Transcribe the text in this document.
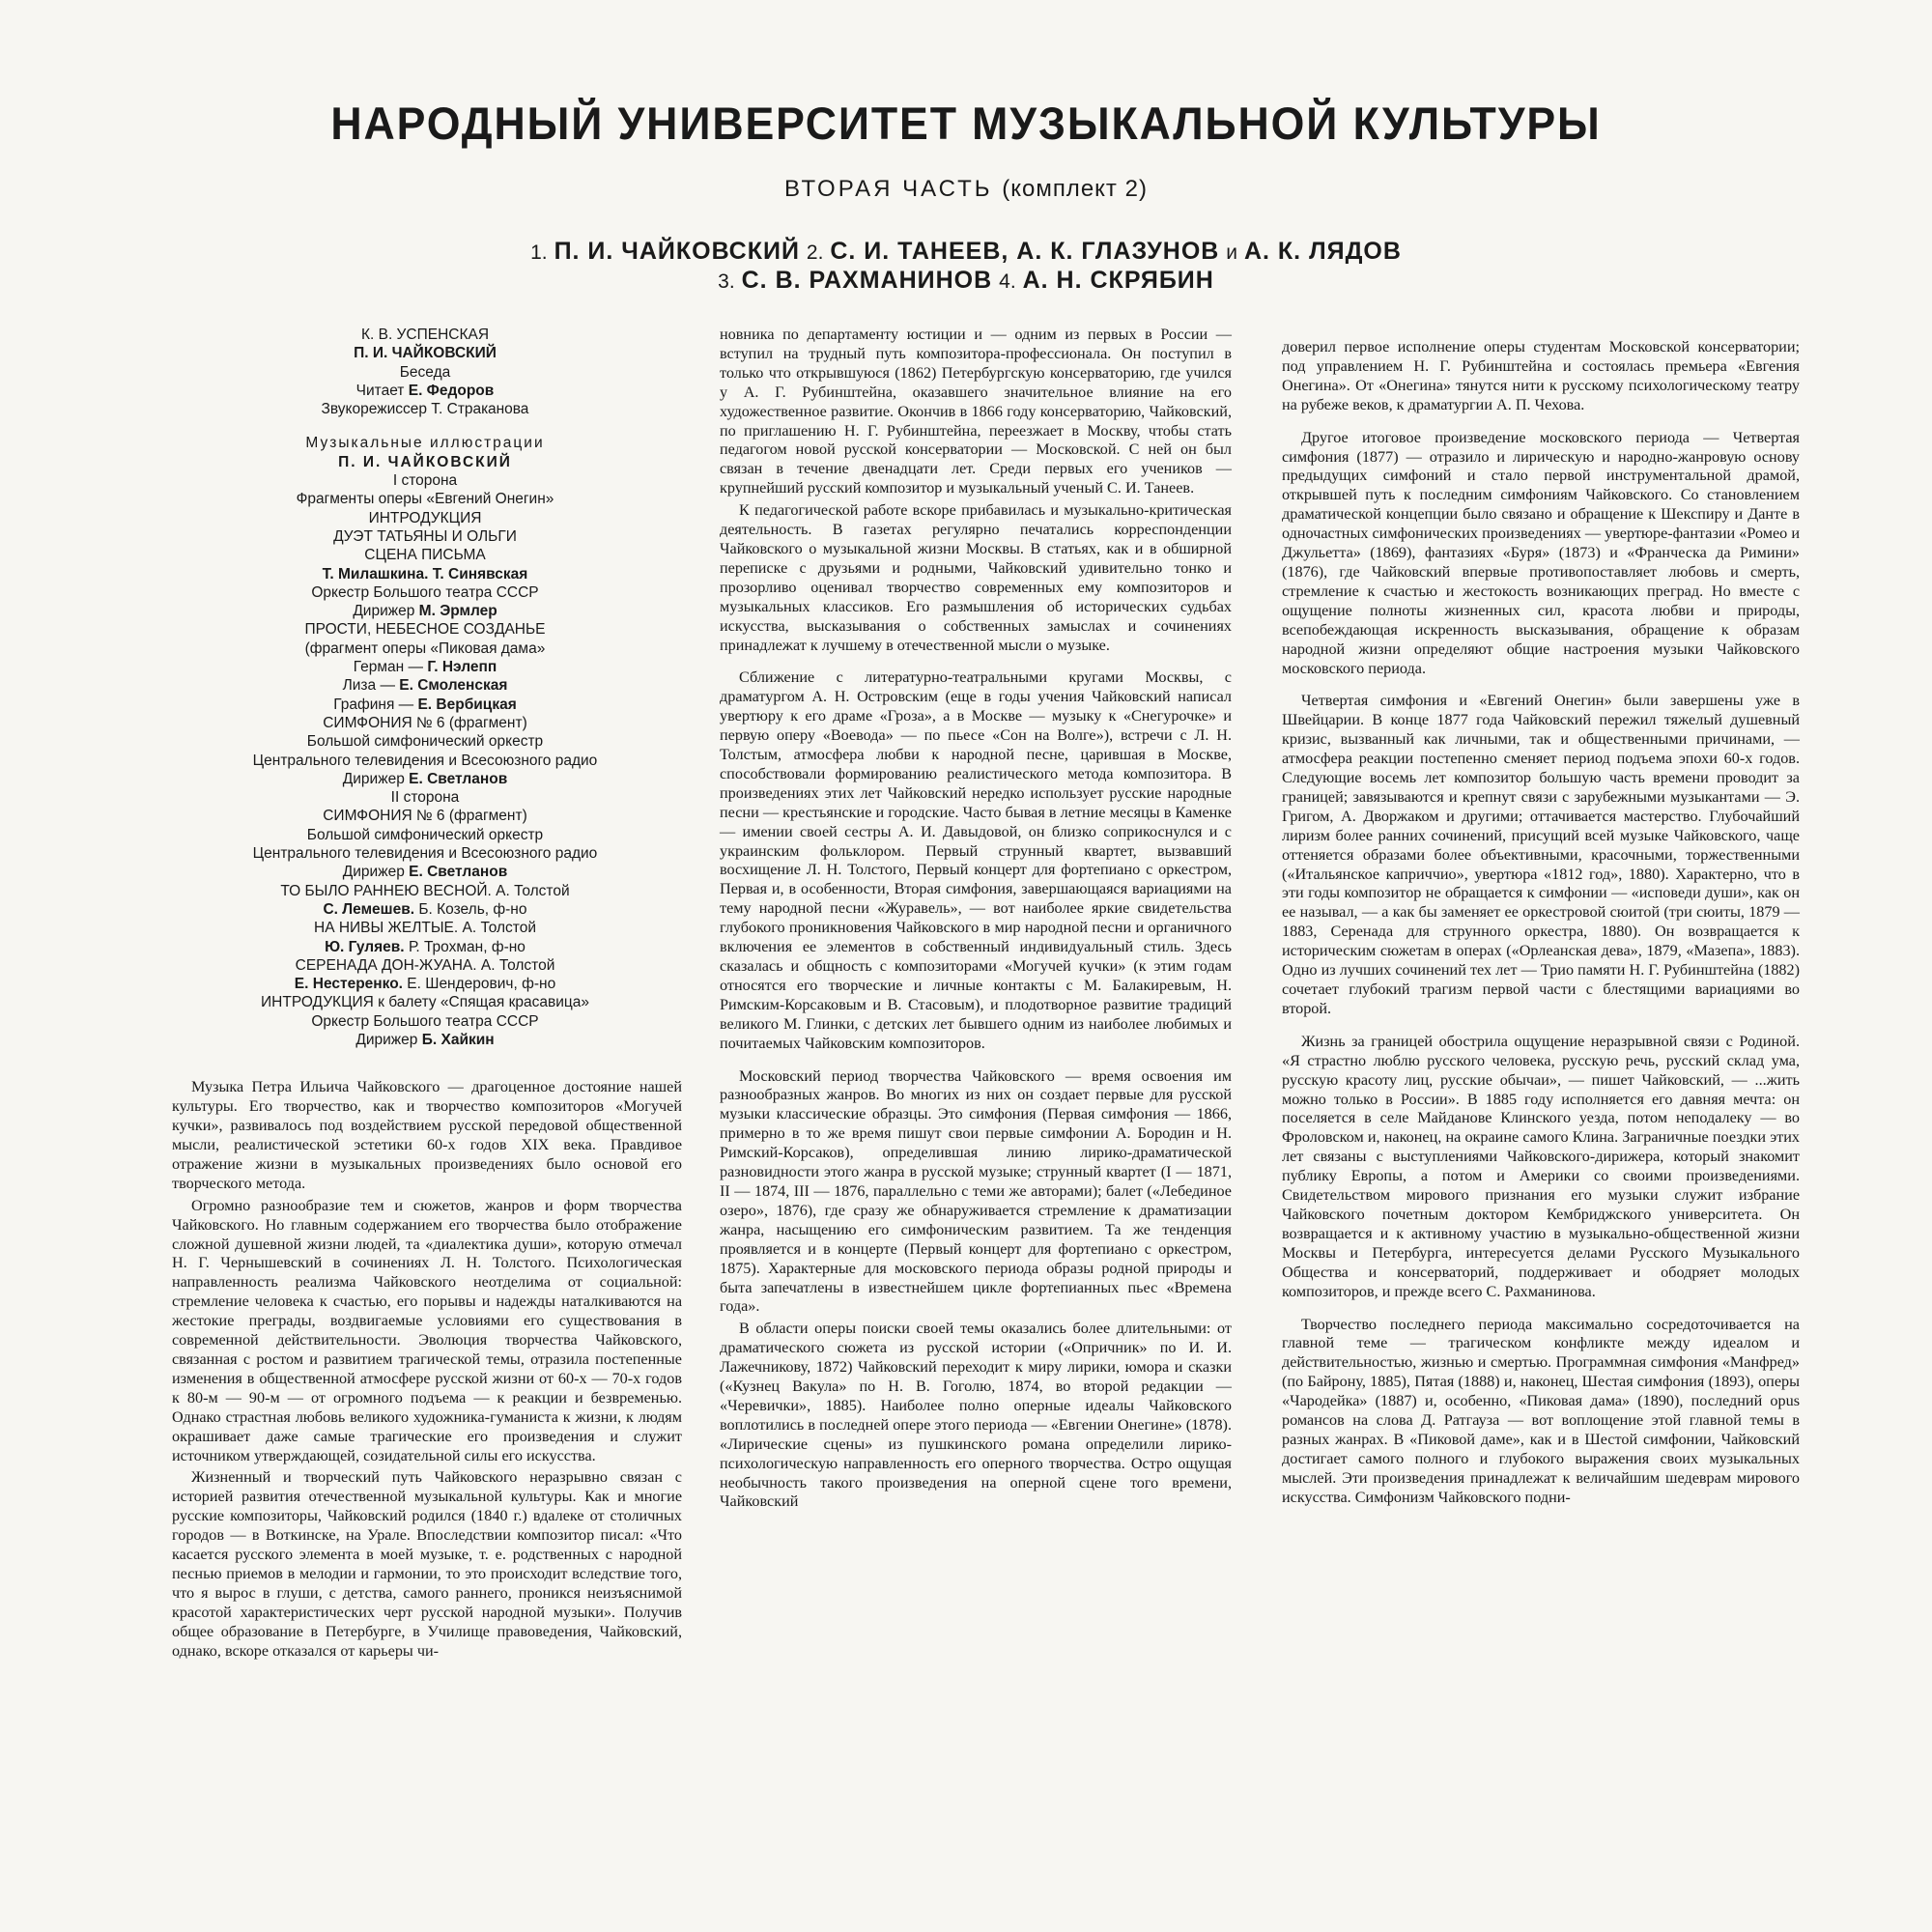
НАРОДНЫЙ УНИВЕРСИТЕТ МУЗЫКАЛЬНОЙ КУЛЬТУРЫ
ВТОРАЯ ЧАСТЬ (комплект 2)
1. П. И. ЧАЙКОВСКИЙ 2. С. И. ТАНЕЕВ, А. К. ГЛАЗУНОВ и А. К. ЛЯДОВ
3. С. В. РАХМАНИНОВ 4. А. Н. СКРЯБИН
К. В. УСПЕНСКАЯ
П. И. ЧАЙКОВСКИЙ
Беседа
Читает Е. Федоров
Звукорежиссер Т. Стракaнова
Музыкальные иллюстрации
П. И. ЧАЙКОВСКИЙ
I сторона
Фрагменты оперы «Евгений Онегин»
ИНТРОДУКЦИЯ
ДУЭТ ТАТЬЯНЫ И ОЛЬГИ
СЦЕНА ПИСЬМА
Т. Милашкина. Т. Синявская
Оркестр Большого театра СССР
Дирижер М. Эрмлер
ПРОСТИ, НЕБЕСНОЕ СОЗДАНЬЕ
(фрагмент оперы «Пиковая дама»
Герман — Г. Нэлепп
Лиза — Е. Смоленская
Графиня — Е. Вербицкая
СИМФОНИЯ № 6 (фрагмент)
Большой симфонический оркестр
Центрального телевидения и Всесоюзного радио
Дирижер Е. Светланов
II сторона
СИМФОНИЯ № 6 (фрагмент)
Большой симфонический оркестр
Центрального телевидения и Всесоюзного радио
Дирижер Е. Светланов
ТО БЫЛО РАННЕЮ ВЕСНОЙ. А. Толстой
С. Лемешев. Б. Козель, ф-но
НА НИВЫ ЖЕЛТЫЕ. А. Толстой
Ю. Гуляев. Р. Трохман, ф-но
СЕРЕНАДА ДОН-ЖУАНА. А. Толстой
Е. Нестеренко. Е. Шендерович, ф-но
ИНТРОДУКЦИЯ к балету «Спящая красавица»
Оркестр Большого театра СССР
Дирижер Б. Хайкин

Музыка Петра Ильича Чайковского — драгоценное достояние нашей культуры. Его творчество, как и творчество композиторов «Могучей кучки», развивалось под воздействием русской передовой общественной мысли, реалистической эстетики 60-х годов XIX века. Правдивое отражение жизни в музыкальных произведениях было основой его творческого метода.

Огромно разнообразие тем и сюжетов, жанров и форм творчества Чайковского. Но главным содержанием его творчества было отображение сложной душевной жизни людей, та «диалектика души», которую отмечал Н. Г. Чернышевский в сочинениях Л. Н. Толстого. Психологическая направленность реализма Чайковского неотделима от социальной: стремление человека к счастью, его порывы и надежды наталкиваются на жестокие преграды, воздвигаемые условиями его существования в современной действительности. Эволюция творчества Чайковского, связанная с ростом и развитием трагической темы, отразила постепенные изменения в общественной атмосфере русской жизни от 60-х — 70-х годов к 80-м — 90-м — от огромного подъема — к реакции и безвременью. Однако страстная любовь великого художника-гуманиста к жизни, к людям окрашивает даже самые трагические его произведения и служит источником утверждающей, созидательной силы его искусства.

Жизненный и творческий путь Чайковского неразрывно связан с историей развития отечественной музыкальной культуры. Как и многие русские композиторы, Чайковский родился (1840 г.) вдалеке от столичных городов — в Воткинске, на Урале. Впоследствии композитор писал: «Что касается русского элемента в моей музыке, т. е. родственных с народной песнью приемов в мелодии и гармонии, то это происходит вследствие того, что я вырос в глуши, с детства, самого раннего, проникся неизъяснимой красотой характеристических черт русской народной музыки». Получив общее образование в Петербурге, в Училище правоведения, Чайковский, однако, вскоре отказался от карьеры чи-

новника по департаменту юстиции и — одним из первых в России — вступил на трудный путь композитора-профессионала. Он поступил в только что открывшуюся (1862) Петербургскую консерваторию, где учился у А. Г. Рубинштейна, оказавшего значительное влияние на его художественное развитие. Окончив в 1866 году консерваторию, Чайковский, по приглашению Н. Г. Рубинштейна, переезжает в Москву, чтобы стать педагогом новой русской консерватории — Московской. С ней он был связан в течение двенадцати лет. Среди первых его учеников — крупнейший русский композитор и музыкальный ученый С. И. Танеев.

К педагогической работе вскоре прибавилась и музыкально-критическая деятельность. В газетах регулярно печатались корреспонденции Чайковского о музыкальной жизни Москвы. В статьях, как и в обширной переписке с друзьями и родными, Чайковский удивительно тонко и прозорливо оценивал творчество современных ему композиторов и музыкальных классиков. Его размышления об исторических судьбах искусства, высказывания о собственных замыслах и сочинениях принадлежат к лучшему в отечественной мысли о музыке.

Сближение с литературно-театральными кругами Москвы, с драматургом А. Н. Островским (еще в годы учения Чайковский написал увертюру к его драме «Гроза», а в Москве — музыку к «Снегурочке» и первую оперу «Воевода» — по пьесе «Сон на Волге»), встречи с Л. Н. Толстым, атмосфера любви к народной песне, царившая в Москве, способствовали формированию реалистического метода композитора. В произведениях этих лет Чайковский нередко использует русские народные песни — крестьянские и городские. Часто бывая в летние месяцы в Каменке — имении своей сестры А. И. Давыдовой, он близко соприкоснулся и с украинским фольклором. Первый струнный квартет, вызвавший восхищение Л. Н. Толстого, Первый концерт для фортепиано с оркестром, Первая и, в особенности, Вторая симфония, завершающаяся вариациями на тему народной песни «Журавель», — вот наиболее яркие свидетельства глубокого проникновения Чайковского в мир народной песни и органичного включения ее элементов в собственный индивидуальный стиль. Здесь сказалась и общность с композиторами «Могучей кучки» (к этим годам относятся его творческие и личные контакты с М. Балакиревым, Н. Римским-Корсаковым и В. Стасовым), и плодотворное развитие традиций великого М. Глинки, с детских лет бывшего одним из наиболее любимых и почитаемых Чайковским композиторов.

Московский период творчества Чайковского — время освоения им разнообразных жанров. Во многих из них он создает первые для русской музыки классические образцы. Это симфония (Первая симфония — 1866, примерно в то же время пишут свои первые симфонии А. Бородин и Н. Римский-Корсаков), определившая линию лирико-драматической разновидности этого жанра в русской музыке; струнный квартет (I — 1871, II — 1874, III — 1876, параллельно с теми же авторами); балет («Лебединое озеро», 1876), где сразу же обнаруживается стремление к драматизации жанра, насыщению его симфоническим развитием. Та же тенденция проявляется и в концерте (Первый концерт для фортепиано с оркестром, 1875). Характерные для московского периода образы родной природы и быта запечатлены в известнейшем цикле фортепианных пьес «Времена года».

В области оперы поиски своей темы оказались более длительными: от драматического сюжета из русской истории («Опричник» по И. И. Лажечникову, 1872) Чайковский переходит к миру лирики, юмора и сказки («Кузнец Вакула» по Н. В. Гоголю, 1874, во второй редакции — «Черевички», 1885). Наиболее полно оперные идеалы Чайковского воплотились в последней опере этого периода — «Евгении Онегине» (1878). «Лирические сцены» из пушкинского романа определили лирико-психологическую направленность его оперного творчества. Остро ощущая необычность такого произведения на оперной сцене того времени, Чайковский

доверил первое исполнение оперы студентам Московской консерватории; под управлением Н. Г. Рубинштейна и состоялась премьера «Евгения Онегина». От «Онегина» тянутся нити к русскому психологическому театру на рубеже веков, к драматургии А. П. Чехова.

Другое итоговое произведение московского периода — Четвертая симфония (1877) — отразило и лирическую и народно-жанровую основу предыдущих симфоний и стало первой инструментальной драмой, открывшей путь к последним симфониям Чайковского. Со становлением драматической концепции было связано и обращение к Шекспиру и Данте в одночастных симфонических произведениях — увертюре-фантазии «Ромео и Джульетта» (1869), фантазиях «Буря» (1873) и «Франческа да Римини» (1876), где Чайковский впервые противопоставляет любовь и смерть, стремление к счастью и жестокость возникающих преград. Но вместе с ощущение полноты жизненных сил, красота любви и природы, всепобеждающая искренность высказывания, обращение к образам народной жизни определяют общие настроения музыки Чайковского московского периода.

Четвертая симфония и «Евгений Онегин» были завершены уже в Швейцарии. В конце 1877 года Чайковский пережил тяжелый душевный кризис, вызванный как личными, так и общественными причинами, — атмосфера реакции постепенно сменяет период подъема эпохи 60-х годов. Следующие восемь лет композитор большую часть времени проводит за границей; завязываются и крепнут связи с зарубежными музыкантами — Э. Григом, А. Дворжаком и другими; оттачивается мастерство. Глубочайший лиризм более ранних сочинений, присущий всей музыке Чайковского, чаще оттеняется образами более объективными, красочными, торжественными («Итальянское каприччио», увертюра «1812 год», 1880). Характерно, что в эти годы композитор не обращается к симфонии — «исповеди души», как он ее называл, — а как бы заменяет ее оркестровой сюитой (три сюиты, 1879 — 1883, Серенада для струнного оркестра, 1880). Он возвращается к историческим сюжетам в операх («Орлеанская дева», 1879, «Мазепа», 1883). Одно из лучших сочинений тех лет — Трио памяти Н. Г. Рубинштейна (1882) сочетает глубокий трагизм первой части с блестящими вариациями во второй.

Жизнь за границей обострила ощущение неразрывной связи с Родиной. «Я страстно люблю русского человека, русскую речь, русский склад ума, русскую красоту лиц, русские обычаи», — пишет Чайковский, — ...жить можно только в России». В 1885 году исполняется его давняя мечта: он поселяется в селе Майданове Клинского уезда, потом неподалеку — во Фроловском и, наконец, на окраине самого Клина. Заграничные поездки этих лет связаны с выступлениями Чайковского-дирижера, который знакомит публику Европы, а потом и Америки со своими произведениями. Свидетельством мирового признания его музыки служит избрание Чайковского почетным доктором Кембриджского университета. Он возвращается и к активному участию в музыкально-общественной жизни Москвы и Петербурга, интересуется делами Русского Музыкального Общества и консерваторий, поддерживает и ободряет молодых композиторов, и прежде всего С. Рахманинова.

Творчество последнего периода максимально сосредоточивается на главной теме — трагическом конфликте между идеалом и действительностью, жизнью и смертью. Программная симфония «Манфред» (по Байрону, 1885), Пятая (1888) и, наконец, Шестая симфония (1893), оперы «Чародейка» (1887) и, особенно, «Пиковая дама» (1890), последний opus романсов на слова Д. Ратгауза — вот воплощение этой главной темы в разных жанрах. В «Пиковой даме», как и в Шестой симфонии, Чайковский достигает самого полного и глубокого выражения своих музыкальных мыслей. Эти произведения принадлежат к величайшим шедеврам мирового искусства. Симфонизм Чайковского подни-
